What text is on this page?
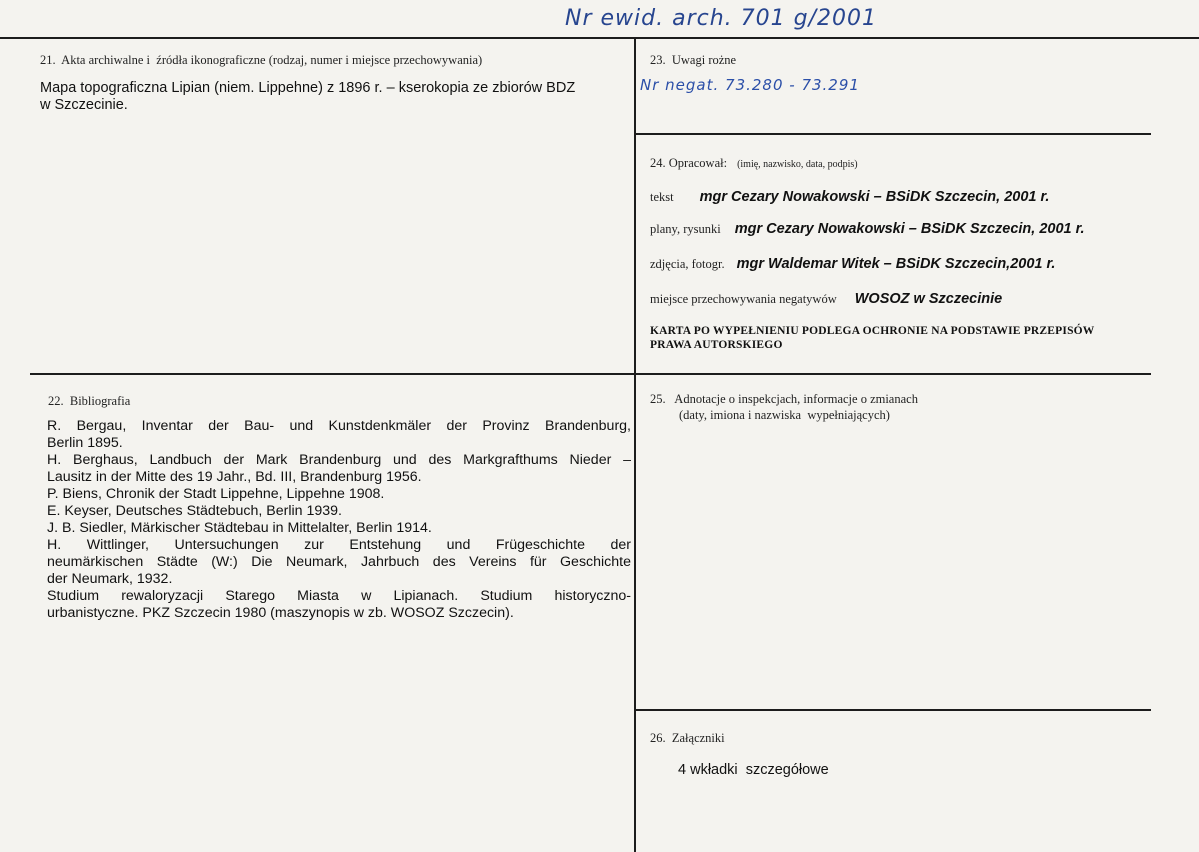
Nr ewid. arch. 701 g/2001
21.  Akta archiwalne i  źródła ikonograficzne (rodzaj, numer i miejsce przechowywania)
Mapa topograficzna Lipian (niem. Lippehne) z 1896 r. – kserokopia ze zbiorów BDZ
w Szczecinie.
23.  Uwagi rożne
Nr negat. 73.280 - 73.291
24. Opracował: (imię, nazwisko, data, podpis)
tekst mgr Cezary Nowakowski – BSiDK Szczecin, 2001 r.
plany, rysunki mgr Cezary Nowakowski – BSiDK Szczecin, 2001 r.
zdjęcia, fotogr. mgr Waldemar Witek – BSiDK Szczecin,2001 r.
miejsce przechowywania negatywów WOSOZ w Szczecinie
KARTA PO WYPEŁNIENIU PODLEGA OCHRONIE NA PODSTAWIE PRZEPISÓW
PRAWA AUTORSKIEGO
22.  Bibliografia

R. Bergau, Inventar der Bau- und Kunstdenkmäler der Provinz Brandenburg,

Berlin 1895.

H. Berghaus, Landbuch der Mark Brandenburg und des Markgrafthums Nieder –

Lausitz in der Mitte des 19 Jahr., Bd. III, Brandenburg 1956.

P. Biens, Chronik der Stadt Lippehne, Lippehne 1908.

E. Keyser, Deutsches Städtebuch, Berlin 1939.

J. B. Siedler, Märkischer Städtebau in Mittelalter, Berlin 1914.

H. Wittlinger, Untersuchungen zur Entstehung und Frügeschichte der

neumärkischen Städte (W:) Die Neumark, Jahrbuch des Vereins für Geschichte

der Neumark, 1932.

Studium rewaloryzacji Starego Miasta w Lipianach. Studium historyczno-

urbanistyczne. PKZ Szczecin 1980 (maszynopis w zb. WOSOZ Szczecin).

25.   Adnotacje o inspekcjach, informacje o zmianach
(daty, imiona i nazwiska  wypełniających)
26.  Załączniki
4 wkładki  szczegółowe
